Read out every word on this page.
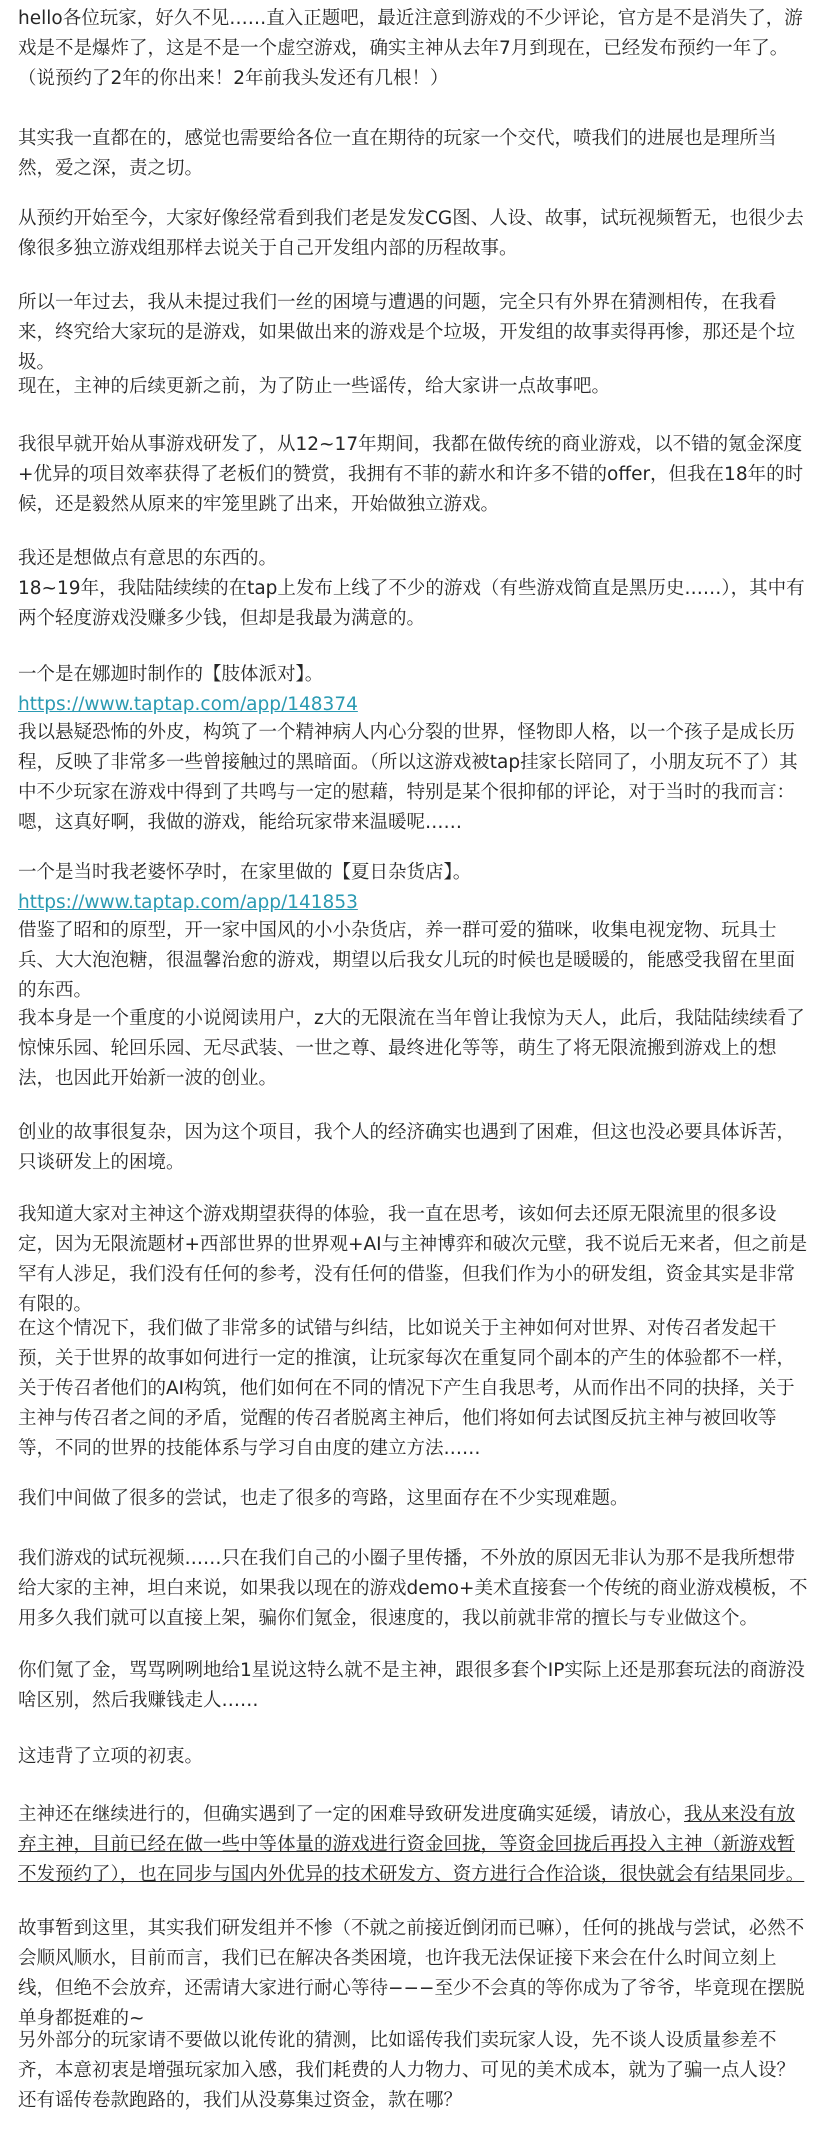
hello各位玩家，好久不见……直入正题吧，最近注意到游戏的不少评论，官方是不是消失了，游戏是不是爆炸了，这是不是一个虚空游戏，确实主神从去年7月到现在，已经发布预约一年了。（说预约了2年的你出来！2年前我头发还有几根！）

其实我一直都在的，感觉也需要给各位一直在期待的玩家一个交代，喷我们的进展也是理所当然，爱之深，责之切。

从预约开始至今，大家好像经常看到我们老是发发CG图、人设、故事，试玩视频暂无，也很少去像很多独立游戏组那样去说关于自己开发组内部的历程故事。

所以一年过去，我从未提过我们一丝的困境与遭遇的问题，完全只有外界在猜测相传，在我看来，终究给大家玩的是游戏，如果做出来的游戏是个垃圾，开发组的故事卖得再惨，那还是个垃圾。

现在，主神的后续更新之前，为了防止一些谣传，给大家讲一点故事吧。

我很早就开始从事游戏研发了，从12~17年期间，我都在做传统的商业游戏，以不错的氪金深度+优异的项目效率获得了老板们的赞赏，我拥有不菲的薪水和许多不错的offer，但我在18年的时候，还是毅然从原来的牢笼里跳了出来，开始做独立游戏。

我还是想做点有意思的东西的。

18~19年，我陆陆续续的在tap上发布上线了不少的游戏（有些游戏简直是黑历史……），其中有两个轻度游戏没赚多少钱，但却是我最为满意的。

一个是在娜迦时制作的【肢体派对】。

https://www.taptap.com/app/148374

我以悬疑恐怖的外皮，构筑了一个精神病人内心分裂的世界，怪物即人格，以一个孩子是成长历程，反映了非常多一些曾接触过的黑暗面。（所以这游戏被tap挂家长陪同了，小朋友玩不了）其中不少玩家在游戏中得到了共鸣与一定的慰藉，特别是某个很抑郁的评论，对于当时的我而言：嗯，这真好啊，我做的游戏，能给玩家带来温暖呢……

一个是当时我老婆怀孕时，在家里做的【夏日杂货店】。

https://www.taptap.com/app/141853

借鉴了昭和的原型，开一家中国风的小小杂货店，养一群可爱的猫咪，收集电视宠物、玩具士兵、大大泡泡糖，很温馨治愈的游戏，期望以后我女儿玩的时候也是暖暖的，能感受我留在里面的东西。

我本身是一个重度的小说阅读用户，z大的无限流在当年曾让我惊为天人，此后，我陆陆续续看了惊悚乐园、轮回乐园、无尽武装、一世之尊、最终进化等等，萌生了将无限流搬到游戏上的想法，也因此开始新一波的创业。

创业的故事很复杂，因为这个项目，我个人的经济确实也遇到了困难，但这也没必要具体诉苦，只谈研发上的困境。

我知道大家对主神这个游戏期望获得的体验，我一直在思考，该如何去还原无限流里的很多设定，因为无限流题材+西部世界的世界观+AI与主神博弈和破次元壁，我不说后无来者，但之前是罕有人涉足，我们没有任何的参考，没有任何的借鉴，但我们作为小的研发组，资金其实是非常有限的。

在这个情况下，我们做了非常多的试错与纠结，比如说关于主神如何对世界、对传召者发起干预，关于世界的故事如何进行一定的推演，让玩家每次在重复同个副本的产生的体验都不一样，关于传召者他们的AI构筑，他们如何在不同的情况下产生自我思考，从而作出不同的抉择，关于主神与传召者之间的矛盾，觉醒的传召者脱离主神后，他们将如何去试图反抗主神与被回收等等，不同的世界的技能体系与学习自由度的建立方法……

我们中间做了很多的尝试，也走了很多的弯路，这里面存在不少实现难题。

我们游戏的试玩视频……只在我们自己的小圈子里传播，不外放的原因无非认为那不是我所想带给大家的主神，坦白来说，如果我以现在的游戏demo+美术直接套一个传统的商业游戏模板，不用多久我们就可以直接上架，骗你们氪金，很速度的，我以前就非常的擅长与专业做这个。

你们氪了金，骂骂咧咧地给1星说这特么就不是主神，跟很多套个IP实际上还是那套玩法的商游没啥区别，然后我赚钱走人……

这违背了立项的初衷。

主神还在继续进行的，但确实遇到了一定的困难导致研发进度确实延缓，请放心，我从来没有放弃主神，目前已经在做一些中等体量的游戏进行资金回拢，等资金回拢后再投入主神（新游戏暂不发预约了），也在同步与国内外优异的技术研发方、资方进行合作洽谈，很快就会有结果同步。

故事暂到这里，其实我们研发组并不惨（不就之前接近倒闭而已嘛），任何的挑战与尝试，必然不会顺风顺水，目前而言，我们已在解决各类困境，也许我无法保证接下来会在什么时间立刻上线，但绝不会放弃，还需请大家进行耐心等待−−−至少不会真的等你成为了爷爷，毕竟现在摆脱单身都挺难的~

另外部分的玩家请不要做以讹传讹的猜测，比如谣传我们卖玩家人设，先不谈人设质量参差不齐，本意初衷是增强玩家加入感，我们耗费的人力物力、可见的美术成本，就为了骗一点人设？还有谣传卷款跑路的，我们从没募集过资金，款在哪？
